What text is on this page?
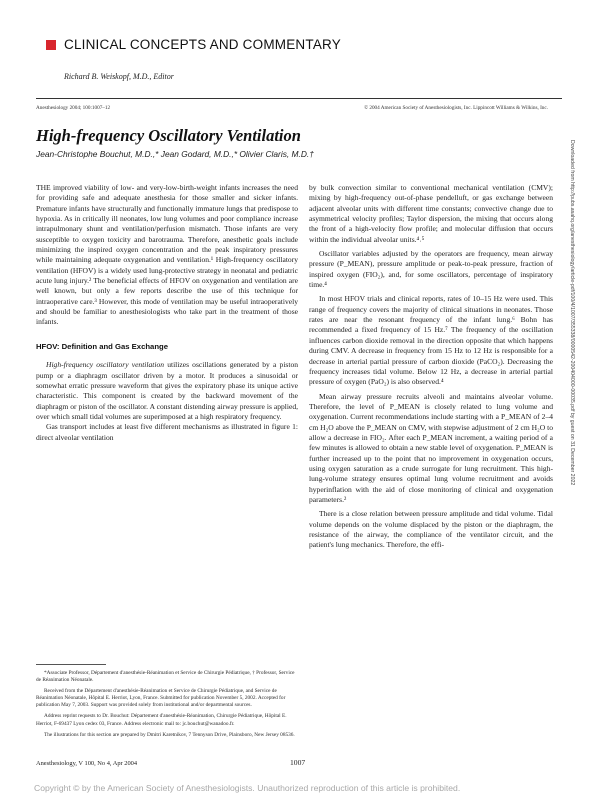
CLINICAL CONCEPTS AND COMMENTARY
Richard B. Weiskopf, M.D., Editor
Anesthesiology 2004; 100:1007–12	© 2004 American Society of Anesthesiologists, Inc. Lippincott Williams & Wilkins, Inc.
High-frequency Oscillatory Ventilation
Jean-Christophe Bouchut, M.D.,* Jean Godard, M.D.,* Olivier Claris, M.D.†

THE improved viability of low- and very-low-birth-weight infants increases the need for providing safe and adequate anesthesia for those smaller and sicker infants. Premature infants have structurally and functionally immature lungs that predispose to hypoxia. As in critically ill neonates, low lung volumes and poor compliance increase intrapulmonary shunt and ventilation/perfusion mismatch. Those infants are very susceptible to oxygen toxicity and barotrauma. Therefore, anesthetic goals include minimizing the inspired oxygen concentration and the peak inspiratory pressures while maintaining adequate oxygenation and ventilation.¹ High-frequency oscillatory ventilation (HFOV) is a widely used lung-protective strategy in neonatal and pediatric acute lung injury.² The beneficial effects of HFOV on oxygenation and ventilation are well known, but only a few reports describe the use of this technique for intraoperative care.³ However, this mode of ventilation may be useful intraoperatively and should be familiar to anesthesiologists who take part in the treatment of those infants.

HFOV: Definition and Gas Exchange

High-frequency oscillatory ventilation utilizes oscillations generated by a piston pump or a diaphragm oscillator driven by a motor. It produces a sinusoidal or somewhat erratic pressure waveform that gives the expiratory phase its unique active characteristic. This component is created by the backward movement of the diaphragm or piston of the oscillator. A constant distending airway pressure is applied, over which small tidal volumes are superimposed at a high respiratory frequency.

Gas transport includes at least five different mechanisms as illustrated in figure 1: direct alveolar ventilation

*Associate Professor, Département d'anesthésie-Réanimation et Service de Chirurgie Pédiatrique, † Professor, Service de Réanimation Néonatale.

Received from the Département d'anesthésie-Réanimation et Service de Chirurgie Pédiatrique, and Service de Réanimation Néonatale, Hôpital E. Herriot, Lyon, France. Submitted for publication November 5, 2002. Accepted for publication May 7, 2003. Support was provided solely from institutional and/or departmental sources.

Address reprint requests to Dr. Bouchut: Département d'anesthésie-Réanimation, Chirurgie Pédiatrique, Hôpital E. Herriot, F-69437 Lyon cedex 03, France. Address electronic mail to: jc.bouchut@wanadoo.fr.

The illustrations for this section are prepared by Dmitri Karetnikov, 7 Tennyson Drive, Plainsboro, New Jersey 08536.

by bulk convection similar to conventional mechanical ventilation (CMV); mixing by high-frequency out-of-phase pendelluft, or gas exchange between adjacent alveolar units with different time constants; convective change due to asymmetrical velocity profiles; Taylor dispersion, the mixing that occurs along the front of a high-velocity flow profile; and molecular diffusion that occurs within the individual alveolar units.⁴˒⁵

Oscillator variables adjusted by the operators are frequency, mean airway pressure (P_MEAN), pressure amplitude or peak-to-peak pressure, fraction of inspired oxygen (FIO₂), and, for some oscillators, percentage of inspiratory time.⁴

In most HFOV trials and clinical reports, rates of 10–15 Hz were used. This range of frequency covers the majority of clinical situations in neonates. Those rates are near the resonant frequency of the infant lung.⁶ Bohn has recommended a fixed frequency of 15 Hz.⁷ The frequency of the oscillation influences carbon dioxide removal in the direction opposite that which happens during CMV. A decrease in frequency from 15 Hz to 12 Hz is responsible for a decrease in arterial partial pressure of carbon dioxide (PaCO₂). Decreasing the frequency increases tidal volume. Below 12 Hz, a decrease in arterial partial pressure of oxygen (PaO₂) is also observed.⁴

Mean airway pressure recruits alveoli and maintains alveolar volume. Therefore, the level of P_MEAN is closely related to lung volume and oxygenation. Current recommendations include starting with a P_MEAN of 2–4 cm H₂O above the P_MEAN on CMV, with stepwise adjustment of 2 cm H₂O to allow a decrease in FIO₂. After each P_MEAN increment, a waiting period of a few minutes is allowed to obtain a new stable level of oxygenation. P_MEAN is further increased up to the point that no improvement in oxygenation occurs, using oxygen saturation as a crude surrogate for lung recruitment. This high-lung-volume strategy ensures optimal lung volume recruitment and avoids hyperinflation with the aid of close monitoring of clinical and oxygenation parameters.²

There is a close relation between pressure amplitude and tidal volume. Tidal volume depends on the volume displaced by the piston or the diaphragm, the resistance of the airway, the compliance of the ventilator circuit, and the patient's lung mechanics. Therefore, the effi-

Anesthesiology, V 100, No 4, Apr 2004	1007
Copyright © by the American Society of Anesthesiologists. Unauthorized reproduction of this article is prohibited.
Downloaded from http://pubs.asahq.org/anesthesiology/article-pdf/100/4/1007/355338/0000542-200404000-00035.pdf by guest on 31 December 2022
